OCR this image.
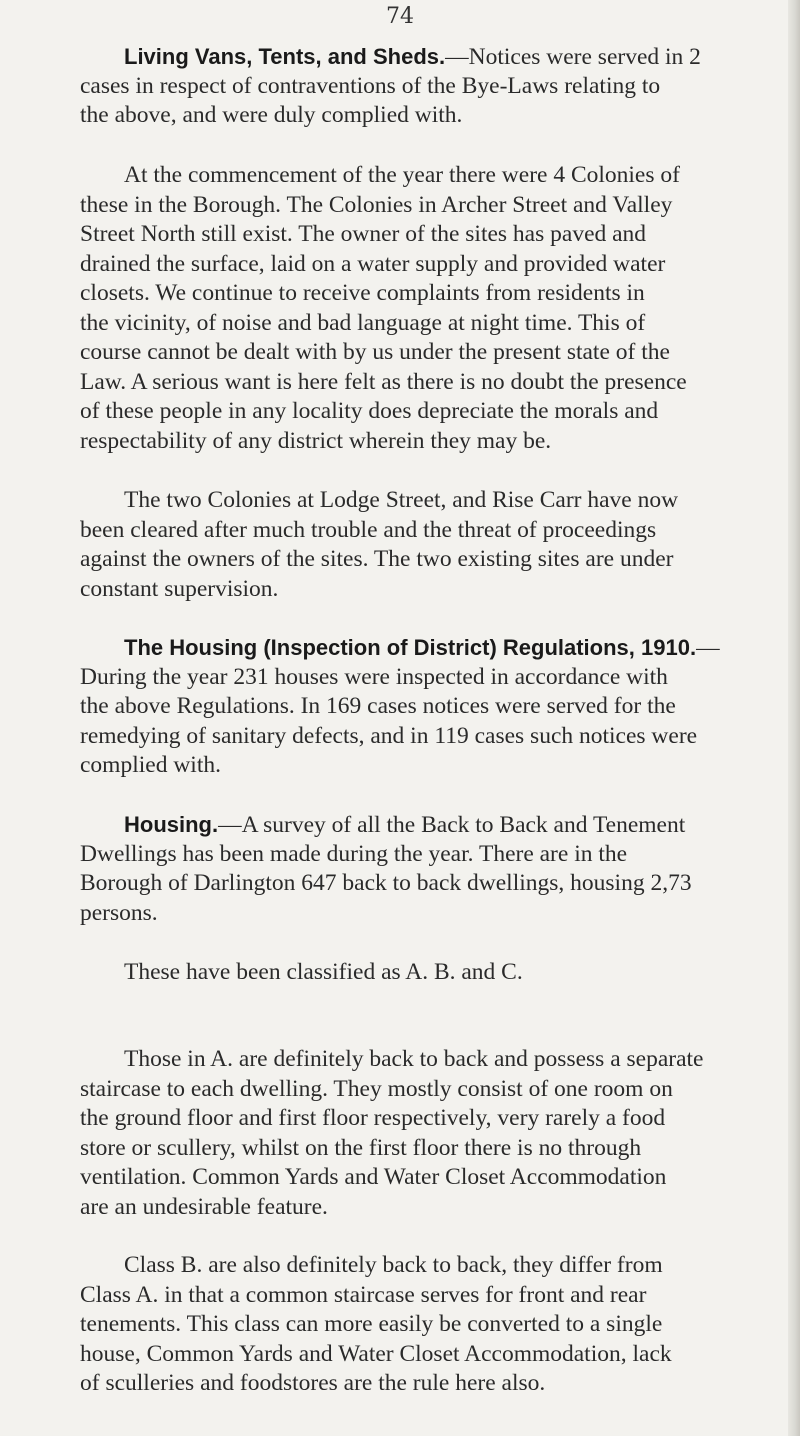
74
Living Vans, Tents, and Sheds.—Notices were served in 2
cases in respect of contraventions of the Bye-Laws relating to
the above, and were duly complied with.
At the commencement of the year there were 4 Colonies of
these in the Borough. The Colonies in Archer Street and Valley
Street North still exist. The owner of the sites has paved and
drained the surface, laid on a water supply and provided water
closets. We continue to receive complaints from residents in
the vicinity, of noise and bad language at night time. This of
course cannot be dealt with by us under the present state of the
Law. A serious want is here felt as there is no doubt the presence
of these people in any locality does depreciate the morals and
respectability of any district wherein they may be.
The two Colonies at Lodge Street, and Rise Carr have now
been cleared after much trouble and the threat of proceedings
against the owners of the sites. The two existing sites are under
constant supervision.
The Housing (Inspection of District) Regulations, 1910.—
During the year 231 houses were inspected in accordance with
the above Regulations. In 169 cases notices were served for the
remedying of sanitary defects, and in 119 cases such notices were
complied with.
Housing.—A survey of all the Back to Back and Tenement
Dwellings has been made during the year. There are in the
Borough of Darlington 647 back to back dwellings, housing 2,73
persons.
These have been classified as A. B. and C.
Those in A. are definitely back to back and possess a separate
staircase to each dwelling. They mostly consist of one room on
the ground floor and first floor respectively, very rarely a food
store or scullery, whilst on the first floor there is no through
ventilation. Common Yards and Water Closet Accommodation
are an undesirable feature.
Class B. are also definitely back to back, they differ from
Class A. in that a common staircase serves for front and rear
tenements. This class can more easily be converted to a single
house, Common Yards and Water Closet Accommodation, lack
of sculleries and foodstores are the rule here also.
